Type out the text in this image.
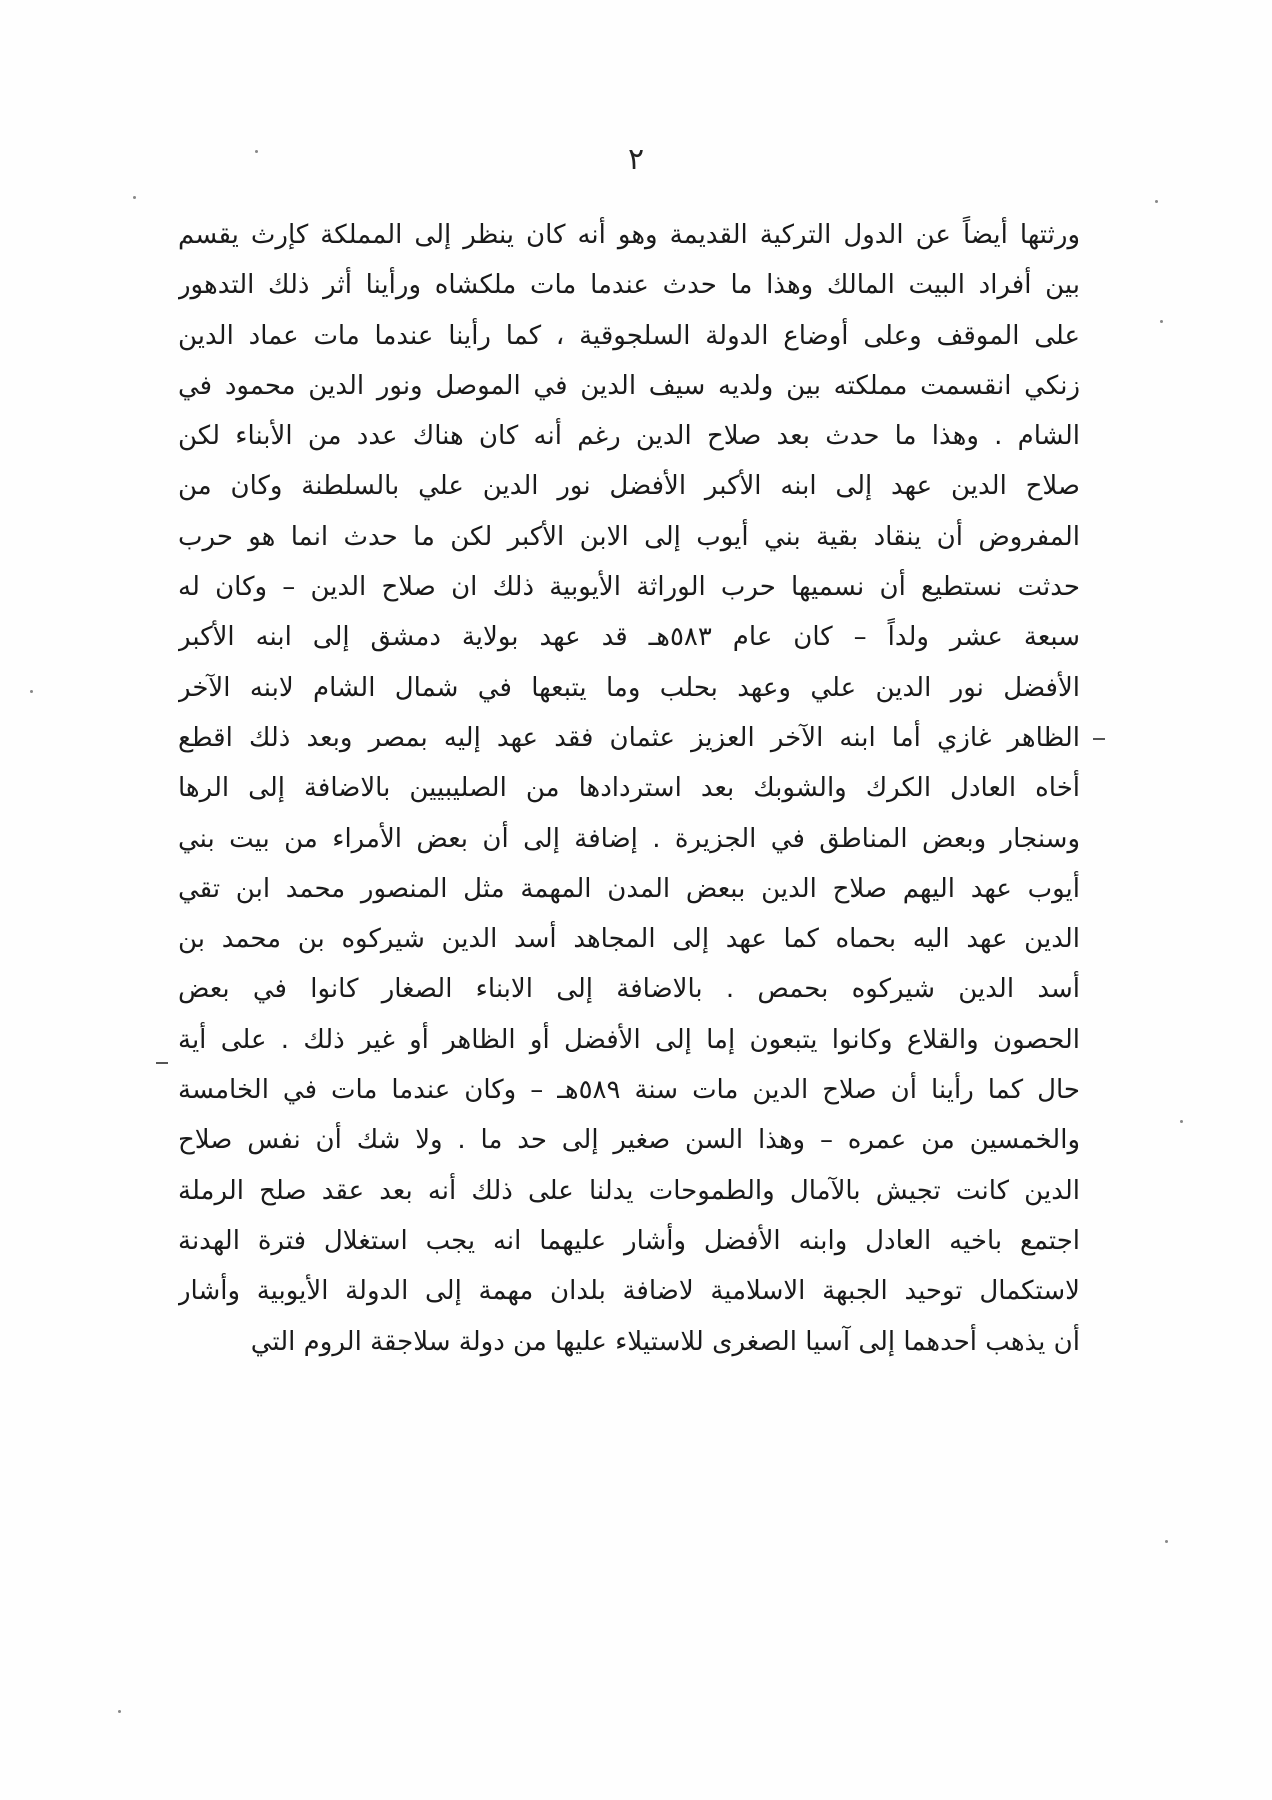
٢
ورثتها أيضاً عن الدول التركية القديمة وهو أنه كان ينظر إلى المملكة كإرث يقسم
بين أفراد البيت المالك وهذا ما حدث عندما مات ملكشاه ورأينا أثر ذلك التدهور
على الموقف وعلى أوضاع الدولة السلجوقية ، كما رأينا عندما مات عماد الدين
زنكي انقسمت مملكته بين ولديه سيف الدين في الموصل ونور الدين محمود في
الشام . وهذا ما حدث بعد صلاح الدين رغم أنه كان هناك عدد من الأبناء لكن
صلاح الدين عهد إلى ابنه الأكبر الأفضل نور الدين علي بالسلطنة وكان من
المفروض أن ينقاد بقية بني أيوب إلى الابن الأكبر لكن ما حدث انما هو حرب
حدثت نستطيع أن نسميها حرب الوراثة الأيوبية ذلك ان صلاح الدين – وكان له
سبعة عشر ولداً – كان عام ٥٨٣هـ قد عهد بولاية دمشق إلى ابنه الأكبر
الأفضل نور الدين علي وعهد بحلب وما يتبعها في شمال الشام لابنه الآخر
الظاهر غازي أما ابنه الآخر العزيز عثمان فقد عهد إليه بمصر وبعد ذلك اقطع
أخاه العادل الكرك والشوبك بعد استردادها من الصليبيين بالاضافة إلى الرها
وسنجار وبعض المناطق في الجزيرة . إضافة إلى أن بعض الأمراء من بيت بني
أيوب عهد اليهم صلاح الدين ببعض المدن المهمة مثل المنصور محمد ابن تقي
الدين عهد اليه بحماه كما عهد إلى المجاهد أسد الدين شيركوه بن محمد بن
أسد الدين شيركوه بحمص . بالاضافة إلى الابناء الصغار كانوا في بعض
الحصون والقلاع وكانوا يتبعون إما إلى الأفضل أو الظاهر أو غير ذلك . على أية
حال كما رأينا أن صلاح الدين مات سنة ٥٨٩هـ – وكان عندما مات في الخامسة
والخمسين من عمره – وهذا السن صغير إلى حد ما . ولا شك أن نفس صلاح
الدين كانت تجيش بالآمال والطموحات يدلنا على ذلك أنه بعد عقد صلح الرملة
اجتمع باخيه العادل وابنه الأفضل وأشار عليهما انه يجب استغلال فترة الهدنة
لاستكمال توحيد الجبهة الاسلامية لاضافة بلدان مهمة إلى الدولة الأيوبية وأشار
أن يذهب أحدهما إلى آسيا الصغرى للاستيلاء عليها من دولة سلاجقة الروم التي
